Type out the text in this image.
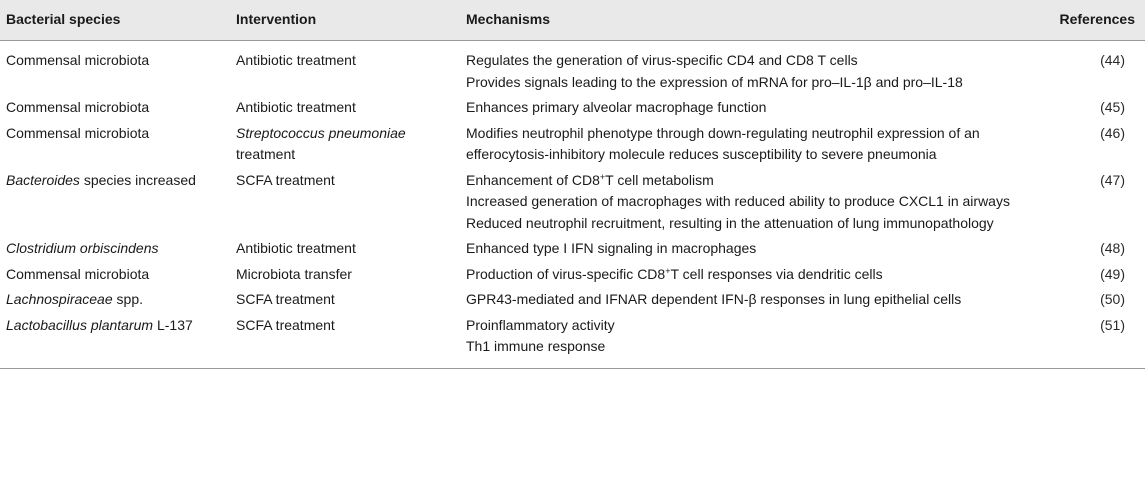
Bacterial species	Intervention	Mechanisms	References
Commensal microbiota	Antibiotic treatment	Regulates the generation of virus-specific CD4 and CD8 T cells
Provides signals leading to the expression of mRNA for pro–IL-1β and pro–IL-18	(44)
Commensal microbiota	Antibiotic treatment	Enhances primary alveolar macrophage function	(45)
Commensal microbiota	Streptococcus pneumoniae treatment	Modifies neutrophil phenotype through down-regulating neutrophil expression of an efferocytosis-inhibitory molecule reduces susceptibility to severe pneumonia	(46)
Bacteroides species increased	SCFA treatment	Enhancement of CD8+T cell metabolism
Increased generation of macrophages with reduced ability to produce CXCL1 in airways
Reduced neutrophil recruitment, resulting in the attenuation of lung immunopathology	(47)
Clostridium orbiscindens	Antibiotic treatment	Enhanced type I IFN signaling in macrophages	(48)
Commensal microbiota	Microbiota transfer	Production of virus-specific CD8+T cell responses via dendritic cells	(49)
Lachnospiraceae spp.	SCFA treatment	GPR43-mediated and IFNAR dependent IFN-β responses in lung epithelial cells	(50)
Lactobacillus plantarum L-137	SCFA treatment	Proinflammatory activity
Th1 immune response	(51)
